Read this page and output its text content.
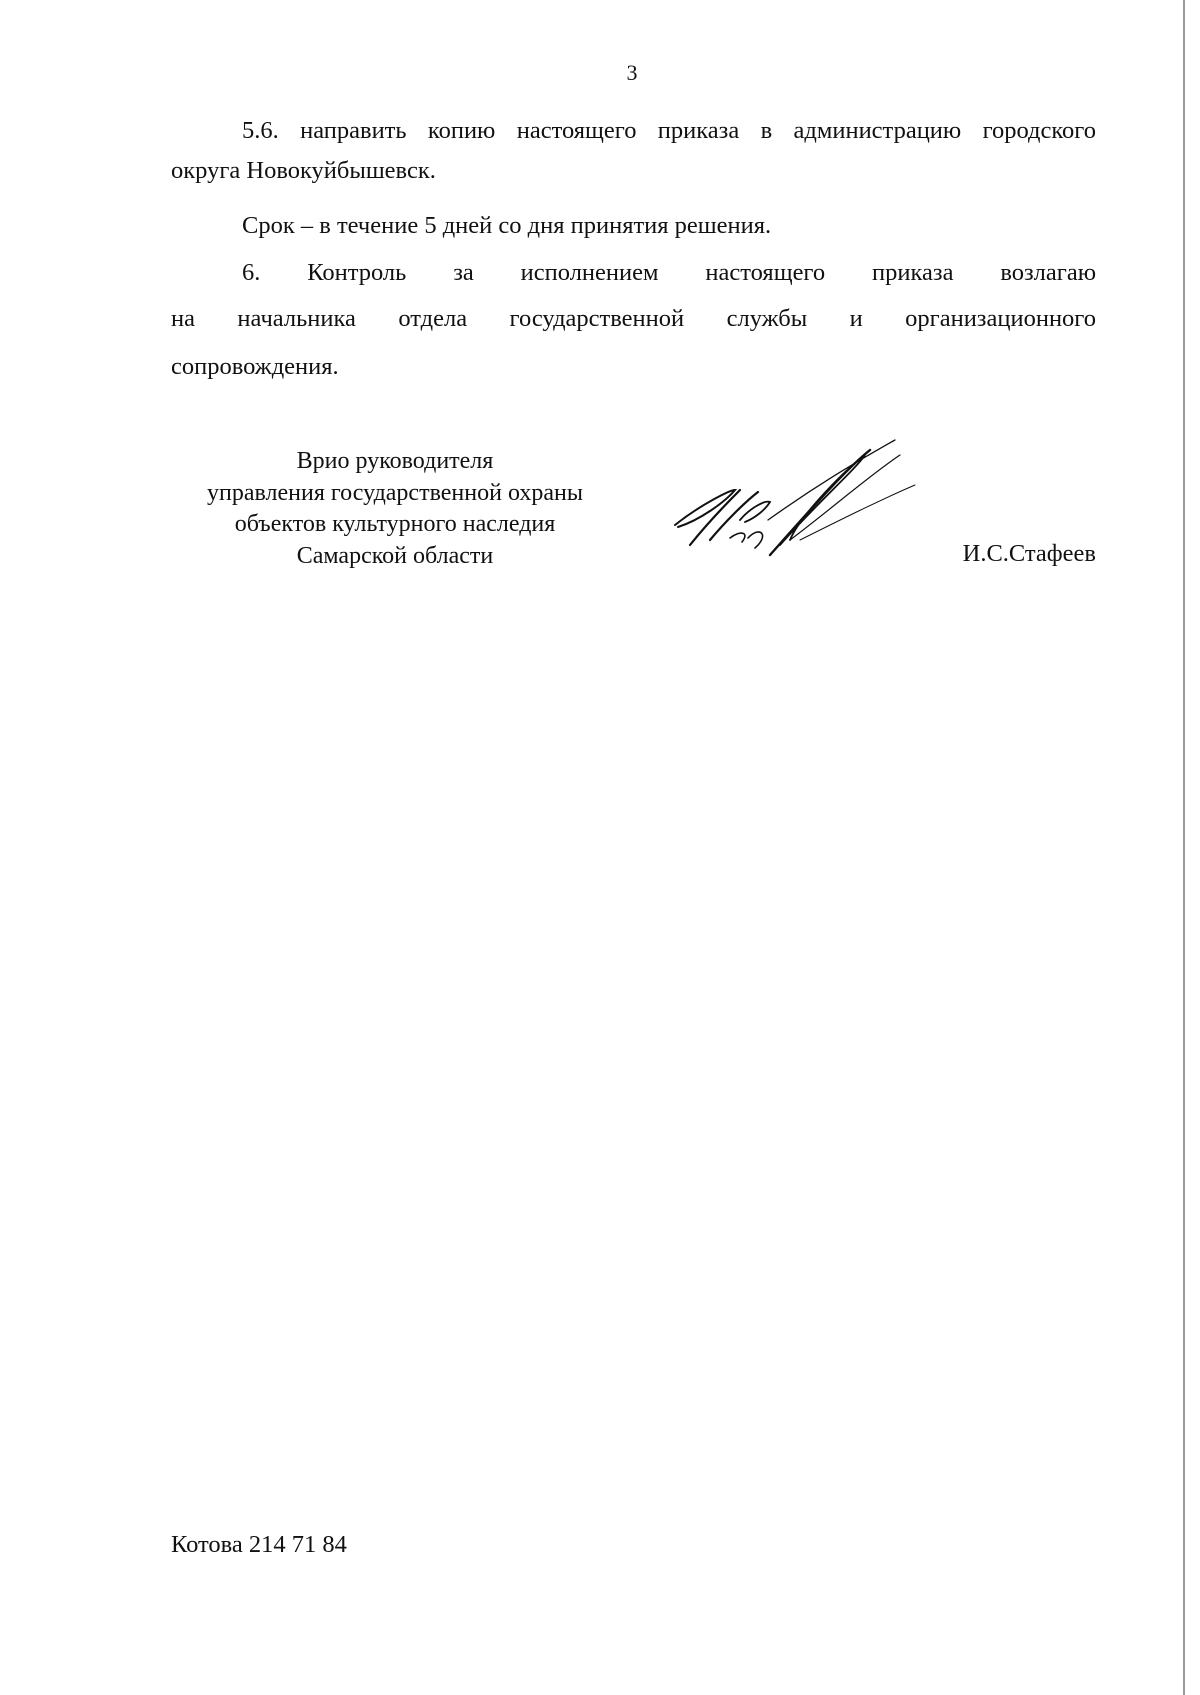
3
5.6. направить копию настоящего приказа в администрацию городского
округа Новокуйбышевск.
Срок – в течение 5 дней со дня принятия решения.
6. Контроль за исполнением настоящего приказа возлагаю
на начальника отдела государственной службы и организационного
сопровождения.
Врио руководителя
управления государственной охраны
объектов культурного наследия
Самарской области	И.С.Стафеев
Котова 214 71 84
